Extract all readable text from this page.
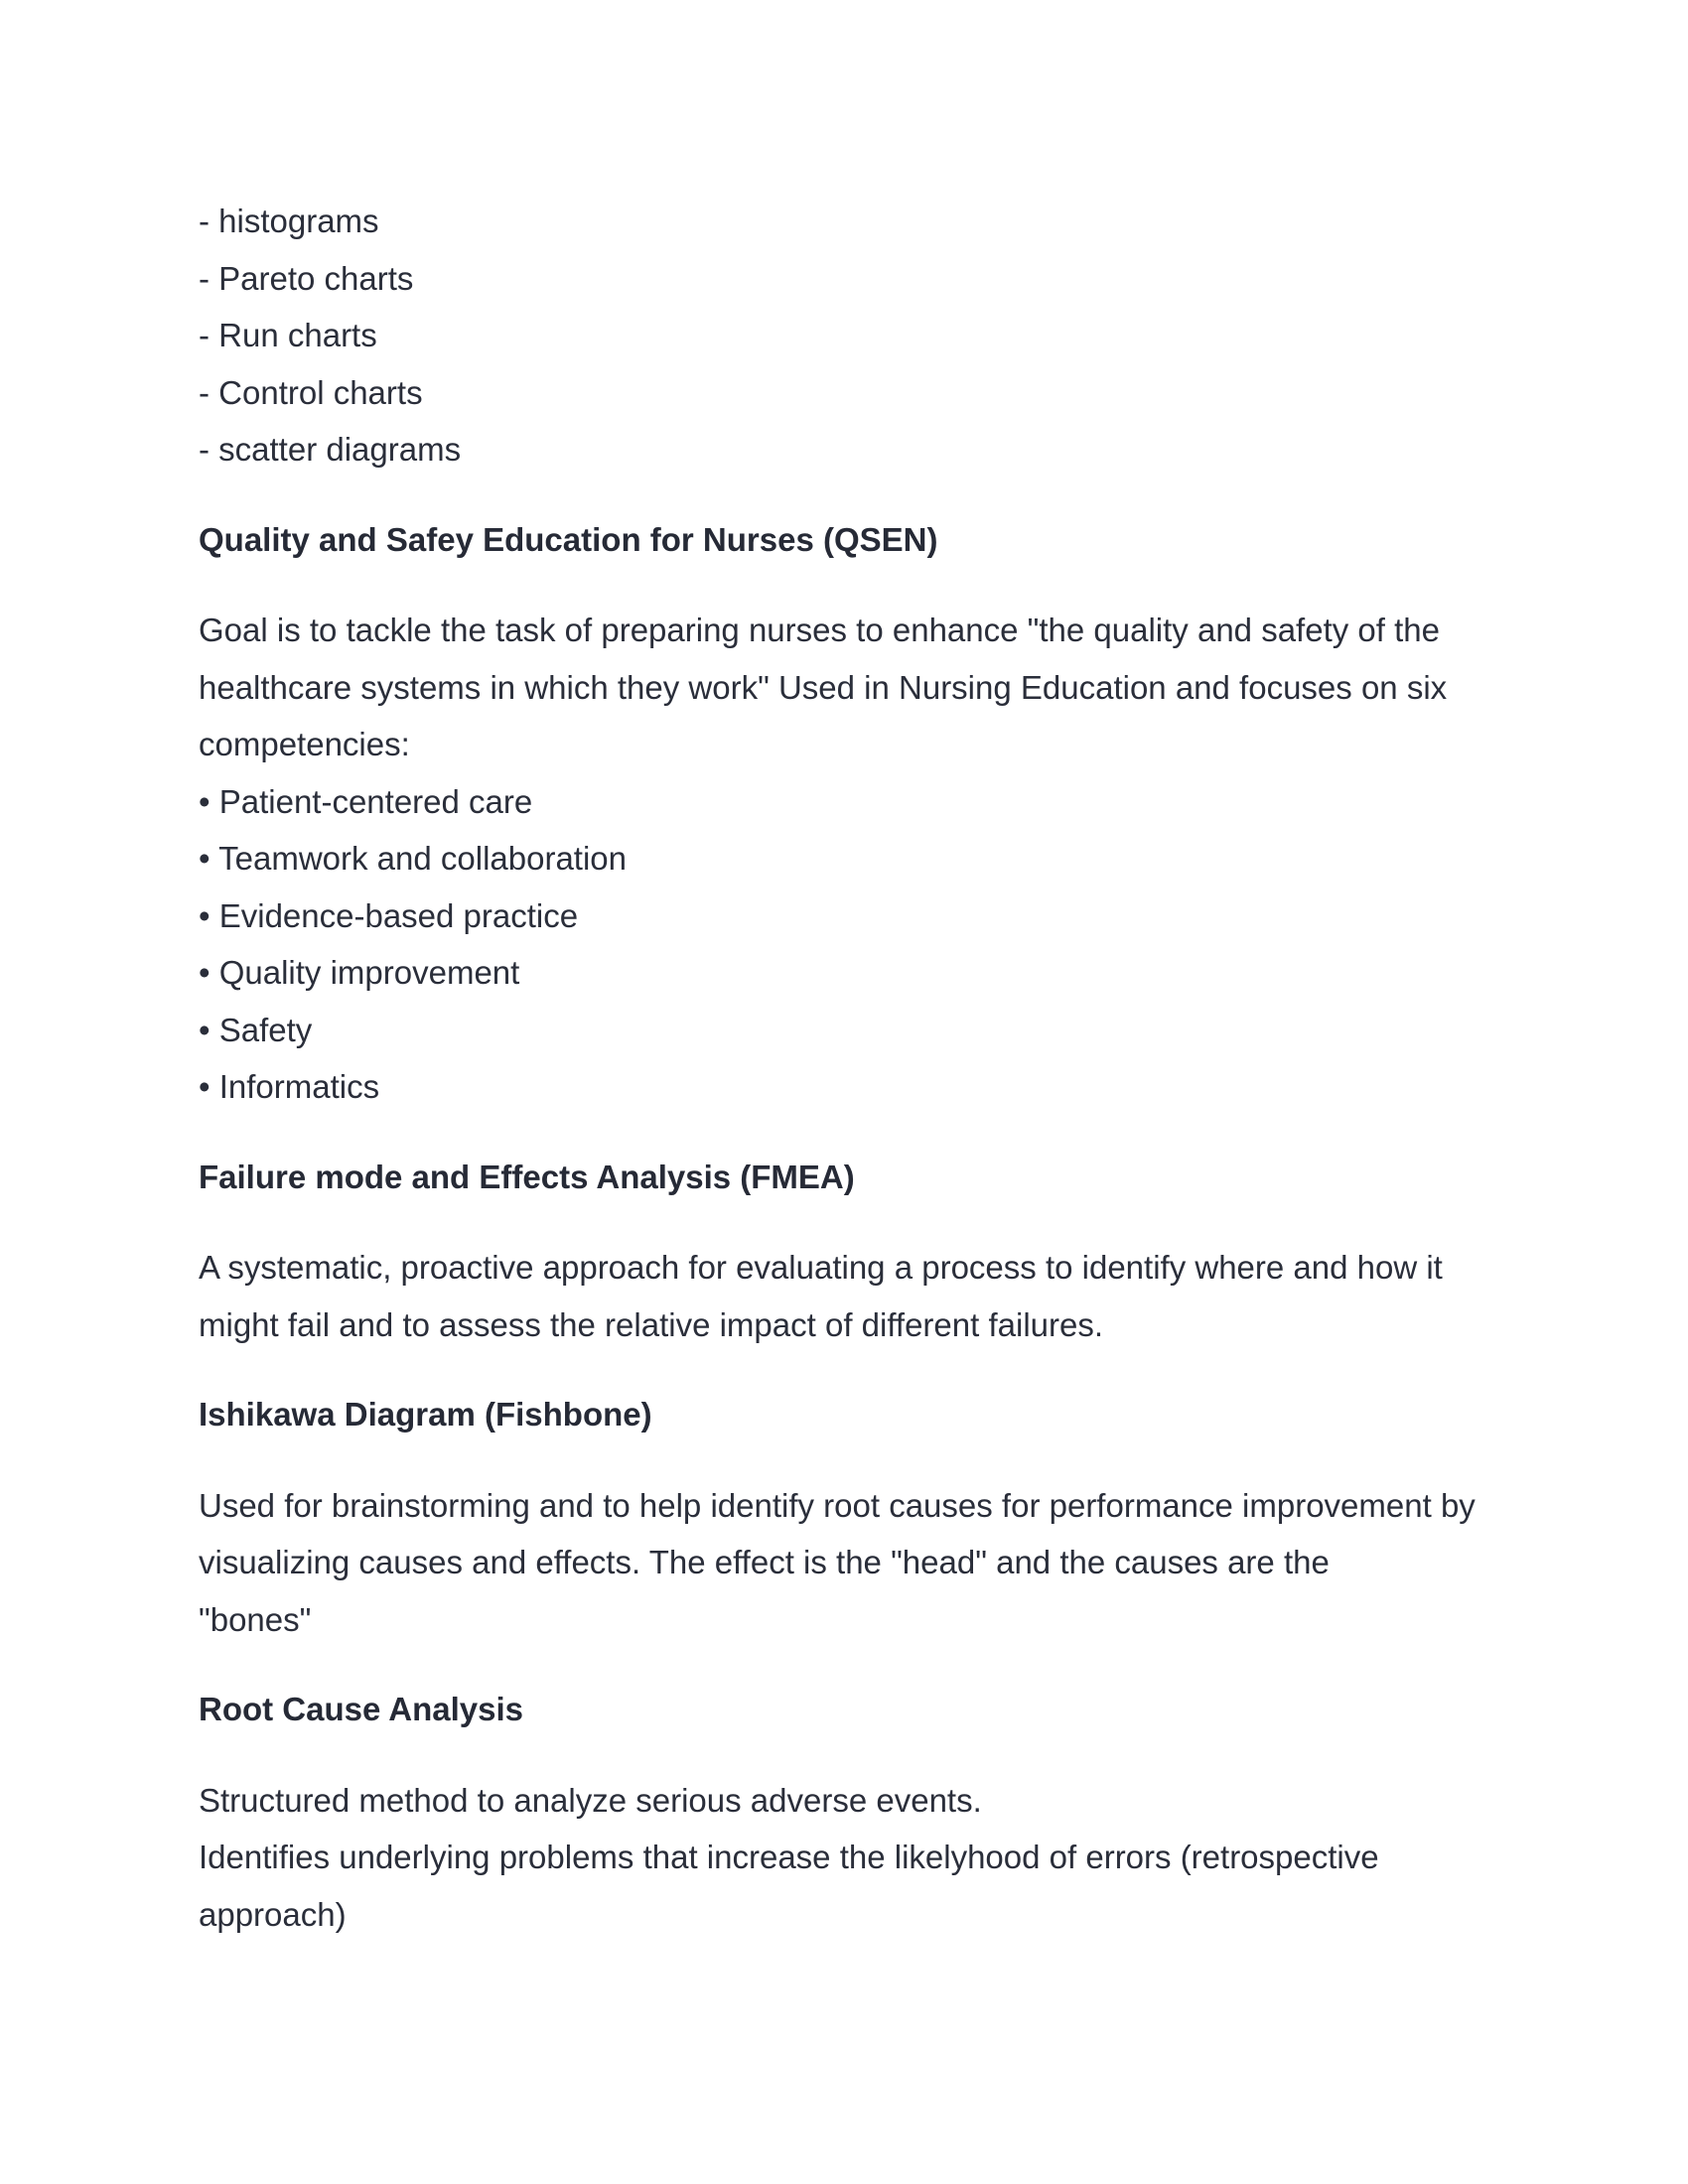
- histograms
- Pareto charts
- Run charts
- Control charts
- scatter diagrams
Quality and Safey Education for Nurses (QSEN)
Goal is to tackle the task of preparing nurses to enhance "the quality and safety of the
healthcare systems in which they work" Used in Nursing Education and focuses on six
competencies:
• Patient-centered care
• Teamwork and collaboration
• Evidence-based practice
• Quality improvement
• Safety
• Informatics
Failure mode and Effects Analysis (FMEA)
A systematic, proactive approach for evaluating a process to identify where and how it
might fail and to assess the relative impact of different failures.
Ishikawa Diagram (Fishbone)
Used for brainstorming and to help identify root causes for performance improvement by
visualizing causes and effects. The effect is the "head" and the causes are the
"bones"
Root Cause Analysis
Structured method to analyze serious adverse events.
Identifies underlying problems that increase the likelyhood of errors (retrospective
approach)
